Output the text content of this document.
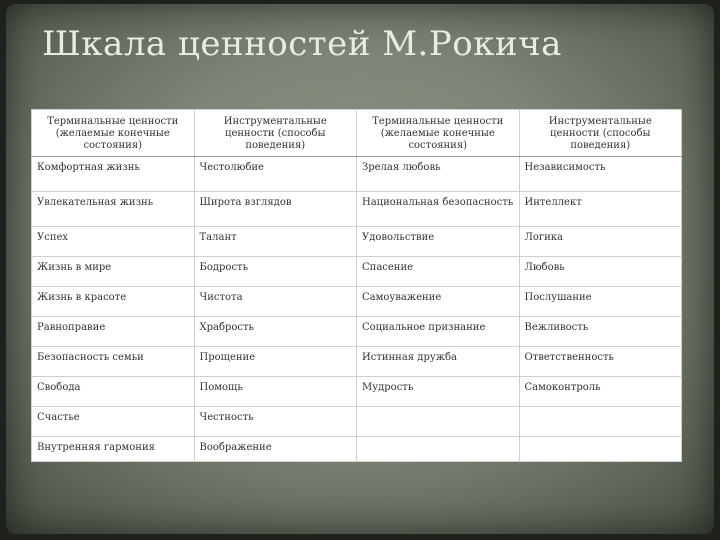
Шкала ценностей М.Рокича
Терминальные ценности (желаемые конечные состояния)	Инструментальные ценности (способы поведения)	Терминальные ценности (желаемые конечные состояния)	Инструментальные ценности (способы поведения)
Комфортная жизнь	Честолюбие	Зрелая любовь	Независимость
Увлекательная жизнь	Широта взглядов	Национальная безопасность	Интеллект
Успех	Талант	Удовольствие	Логика
Жизнь в мире	Бодрость	Спасение	Любовь
Жизнь в красоте	Чистота	Самоуважение	Послушание
Равноправие	Храбрость	Социальное признание	Вежливость
Безопасность семьи	Прощение	Истинная дружба	Ответственность
Свобода	Помощь	Мудрость	Самоконтроль
Счастье	Честность		
Внутренняя гармония	Воображение		
